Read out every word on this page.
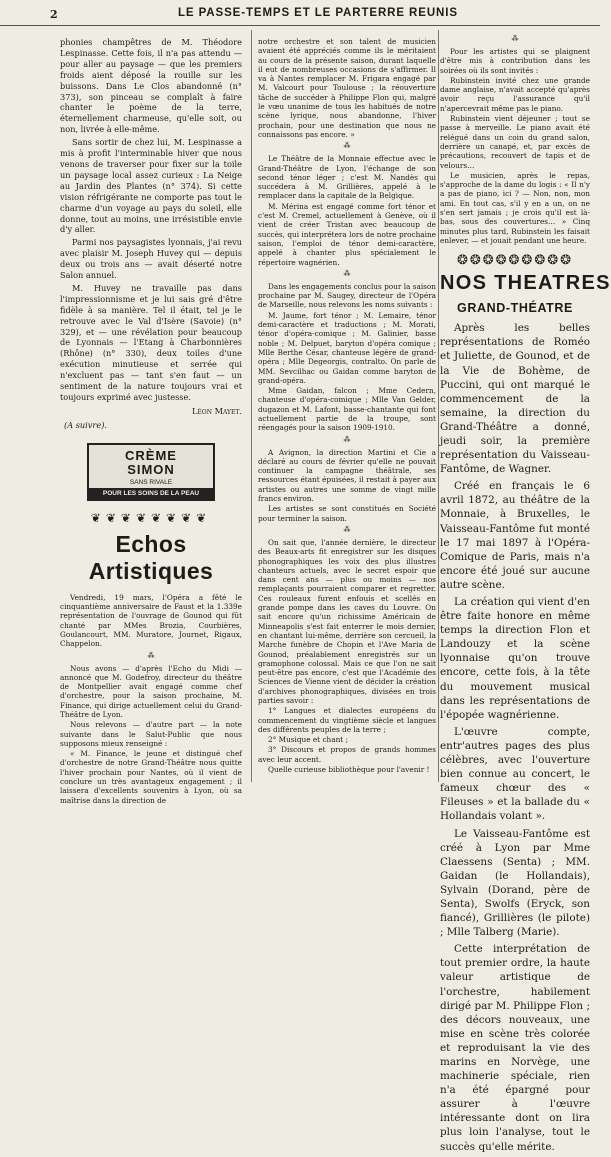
2	LE PASSE-TEMPS ET LE PARTERRE REUNIS

phonies champêtres de M. Théodore Lespinasse. Cette fois, il n'a pas attendu — pour aller au paysage — que les premiers froids aient déposé la rouille sur les buissons. Dans Le Clos abandonné (n° 373), son pinceau se complaît à faire chanter le poème de la terre, éternellement charmeuse, qu'elle soit, ou non, livrée à elle-même.

Sans sortir de chez lui, M. Lespinasse a mis à profit l'interminable hiver que nous venons de traverser pour fixer sur la toile un paysage local assez curieux : La Neige au Jardin des Plantes (n° 374). Si cette vision réfrigérante ne comporte pas tout le charme d'un voyage au pays du soleil, elle donne, tout au moins, une irrésistible envie d'y aller.

Parmi nos paysagistes lyonnais, j'ai revu avec plaisir M. Joseph Huvey qui — depuis deux ou trois ans — avait déserté notre Salon annuel.

M. Huvey ne travaille pas dans l'impressionnisme et je lui sais gré d'être fidèle à sa manière. Tel il était, tel je le retrouve avec le Val d'Isère (Savoie) (n° 329), et — une révélation pour beaucoup de Lyonnais — l'Etang à Charbonnières (Rhône) (n° 330), deux toiles d'une exécution minutieuse et serrée qui n'excluent pas — tant s'en faut — un sentiment de la nature toujours vrai et toujours exprimé avec justesse.

Léon Mayet.
(A suivre).
CRÈME
SIMON
SANS RIVALE
POUR LES SOINS DE LA PEAU
❦❦❦❦❦❦❦❦
Echos Artistiques

Vendredi, 19 mars, l'Opéra a fêté le cinquantième anniversaire de Faust et la 1.339e représentation de l'ouvrage de Gounod qui fût chanté par MMes Brozia, Courbières, Goulancourt, MM. Muratore, Journet, Rigaux, Chappelon.

⁂

Nous avons — d'après l'Echo du Midi — annoncé que M. Godefroy, directeur du théâtre de Montpellier avait engagé comme chef d'orchestre, pour la saison prochaine, M. Finance, qui dirige actuellement celui du Grand-Théâtre de Lyon.

Nous relevons — d'autre part — la note suivante dans le Salut-Public que nous supposons mieux renseigné :

« M. Finance, le jeune et distingué chef d'orchestre de notre Grand-Théâtre nous quitte l'hiver prochain pour Nantes, où il vient de conclure un très avantageux engagement ; il laissera d'excellents souvenirs à Lyon, où sa maîtrise dans la direction de

notre orchestre et son talent de musicien avaient été appréciés comme ils le méritaient au cours de la présente saison, durant laquelle il eut de nombreuses occasions de s'affirmer. Il va à Nantes remplacer M. Frigara engagé par M. Valcourt pour Toulouse ; la réouverture tâche de succéder à Philippe Flon qui, malgré le vœu unanime de tous les habitués de notre scène lyrique, nous abandonne, l'hiver prochain, pour une destination que nous ne connaissons pas encore. »

⁂

Le Théâtre de la Monnaie effectue avec le Grand-Théâtre de Lyon, l'échange de son second ténor léger ; c'est M. Nandès qui succédera à M. Grillières, appelé à le remplacer dans la capitale de la Belgique.

M. Mérina est engagé comme fort ténor et c'est M. Cremel, actuellement à Genève, où il vient de créer Tristan avec beaucoup de succès, qui interprétera lors de notre prochaine saison, l'emploi de ténor demi-caractère, appelé à chanter plus spécialement le répertoire wagnérien.

⁂

Dans les engagements conclus pour la saison prochaine par M. Saugey, directeur de l'Opéra de Marseille, nous relevons les noms suivants :

M. Jaume, fort ténor ; M. Lemaire, ténor demi-caractère et traductions ; M. Morati, ténor d'opéra-comique ; M. Galinier, basse noble ; M. Delpuet, baryton d'opéra comique ; Mlle Berthe César, chanteuse légère de grand-opéra ; Mlle Degeorgis, contralto. On parle de MM. Sevcilhac ou Gaidan comme baryton de grand-opéra.

Mme Gaidan, falcon ; Mme Cedern, chanteuse d'opéra-comique ; Mlle Van Gelder, dugazon et M. Lafont, basse-chantante qui font actuellement partie de la troupe, sont réengagés pour la saison 1909-1910.

⁂

A Avignon, la direction Martini et Cie a déclaré au cours de février qu'elle ne pouvait continuer la campagne théâtrale, ses ressources étant épuisées, il restait à payer aux artistes ou autres une somme de vingt mille francs environ.

Les artistes se sont constitués en Société pour terminer la saison.

⁂

On sait que, l'année dernière, le directeur des Beaux-arts fit enregistrer sur les disques phonographiques les voix des plus illustres chanteurs actuels, avec le secret espoir que dans cent ans — plus ou moins — nos remplaçants pourraient comparer et regretter. Ces rouleaux furent enfouis et scellés en grande pompe dans les caves du Louvre. On sait encore qu'un richissime Américain de Minneapolis s'est fait enterrer le mois dernier, en chantant lui-même, derrière son cercueil, la Marche funèbre de Chopin et l'Ave Maria de Gounod, préalablement enregistrés sur un gramophone colossal. Mais ce que l'on ne sait peut-être pas encore, c'est que l'Académie des Sciences de Vienne vient de décider la création d'archives phonographiques, divisées en trois parties savoir :

1° Langues et dialectes européens du commencement du vingtième siècle et langues des différents peuples de la terre ;

2° Musique et chant ;

3° Discours et propos de grands hommes avec leur accent.

Quelle curieuse bibliothèque pour l'avenir !

⁂

Pour les artistes qui se plaignent d'être mis à contribution dans les soirées où ils sont invités :

Rubinstein invité chez une grande dame anglaise, n'avait accepté qu'après avoir reçu l'assurance qu'il n'apercevrait même pas le piano.

Rubinstein vient déjeuner ; tout se passe à merveille. Le piano avait été relégué dans un coin du grand salon, derrière un canapé, et, par excès de précautions, recouvert de tapis et de velours…

Le musicien, après le repas, s'approche de la dame du logis : « Il n'y a pas de piano, ici ? — Non, non, mon ami. En tout cas, s'il y en a un, on ne s'en sert jamais ; je crois qu'il est là-bas, sous des couvertures… » Cinq minutes plus tard, Rubinstein les faisait enlever, — et jouait pendant une heure.

❂❂❂❂❂❂❂❂❂
NOS THEATRES
GRAND-THÉATRE

Après les belles représentations de Roméo et Juliette, de Gounod, et de la Vie de Bohème, de Puccini, qui ont marqué le commencement de la semaine, la direction du Grand-Théâtre a donné, jeudi soir, la première représentation du Vaisseau-Fantôme, de Wagner.

Créé en français le 6 avril 1872, au théâtre de la Monnaie, à Bruxelles, le Vaisseau-Fantôme fut monté le 17 mai 1897 à l'Opéra-Comique de Paris, mais n'a encore été joué sur aucune autre scène.

La création qui vient d'en être faite honore en même temps la direction Flon et Landouzy et la scène lyonnaise qu'on trouve encore, cette fois, à la tête du mouvement musical dans les représentations de l'épopée wagnérienne.

L'œuvre compte, entr'autres pages des plus célèbres, avec l'ouverture bien connue au concert, le fameux chœur des « Fileuses » et la ballade du « Hollandais volant ».

Le Vaisseau-Fantôme est créé à Lyon par Mme Claessens (Senta) ; MM. Gaidan (le Hollandais), Sylvain (Dorand, père de Senta), Swolfs (Eryck, son fiancé), Grillières (le pilote) ; Mlle Talberg (Marie).

Cette interprétation de tout premier ordre, la haute valeur artistique de l'orchestre, habilement dirigé par M. Philippe Flon ; des décors nouveaux, une mise en scène très colorée et reproduisant la vie des marins en Norvège, une machinerie spéciale, rien n'a été épargné pour assurer à l'œuvre intéressante dont on lira plus loin l'analyse, tout le succès qu'elle mérite.
